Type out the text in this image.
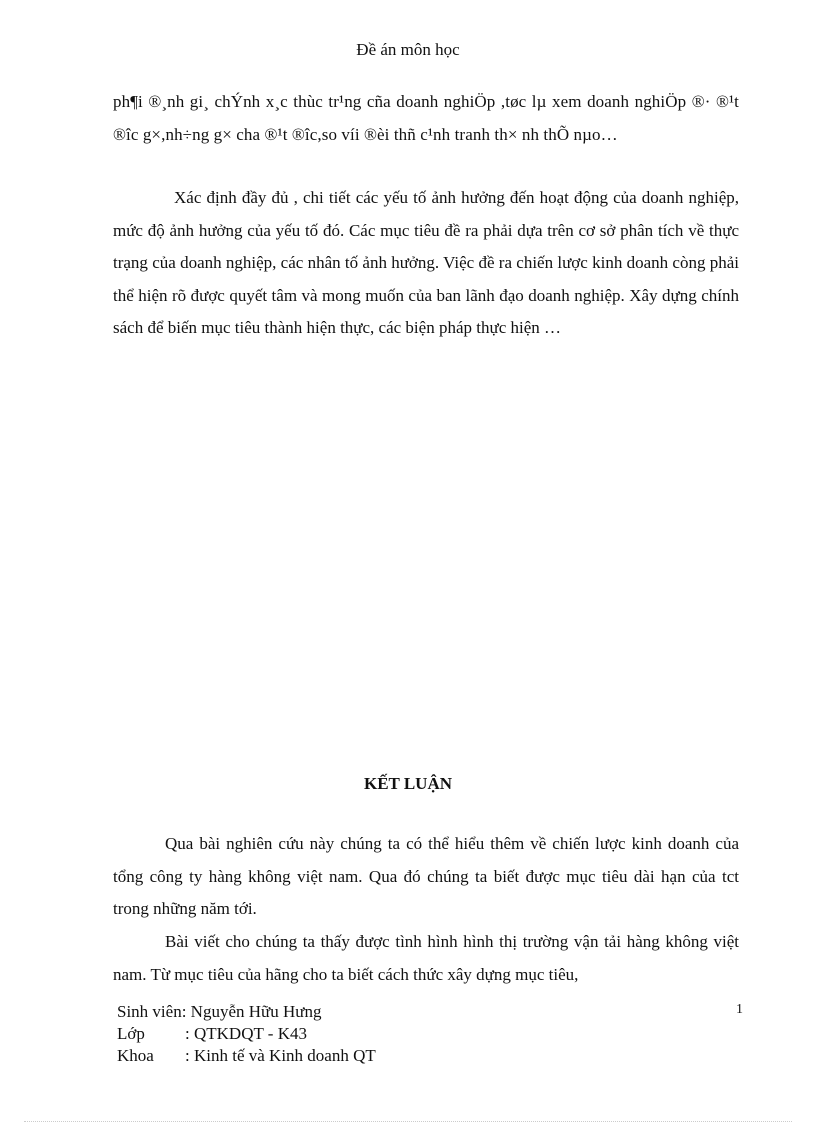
Đề án môn học

ph¶i ®¸nh gi¸ chÝnh x¸c thùc tr¹ng cña doanh nghiÖp ,tøc lµ xem doanh nghiÖp ®· ®¹t ®îc g×,nh÷ng g× cha ®¹t ®îc,so víi ®èi thñ c¹nh tranh th× nh thÕ nµo…

Xác định đầy đủ , chi tiết các yếu tố ảnh hưởng đến hoạt động của doanh nghiệp, mức độ ảnh hưởng của yếu tố đó. Các mục tiêu đề ra phải dựa trên cơ sở phân tích về thực trạng của doanh nghiệp, các nhân tố ảnh hưởng. Việc đề ra chiến lược kinh doanh còng phải thể hiện rõ được quyết tâm và mong muốn của ban lãnh đạo doanh nghiệp. Xây dựng chính sách để biến mục tiêu thành hiện thực, các biện pháp thực hiện …

KẾT LUẬN

Qua bài nghiên cứu này chúng ta có thể hiểu thêm về chiến lược kinh doanh của tổng công ty hàng không việt nam. Qua đó chúng ta biết được mục tiêu dài hạn của tct trong những năm tới.

Bài viết cho chúng ta thấy được tình hình hình thị trường vận tải hàng không việt nam. Từ mục tiêu của hãng cho ta biết cách thức xây dựng mục tiêu,

Sinh viên:
Nguyễn Hữu Hưng
Lớp	: QTKDQT - K43
Khoa	: Kinh tế và Kinh doanh QT
1
